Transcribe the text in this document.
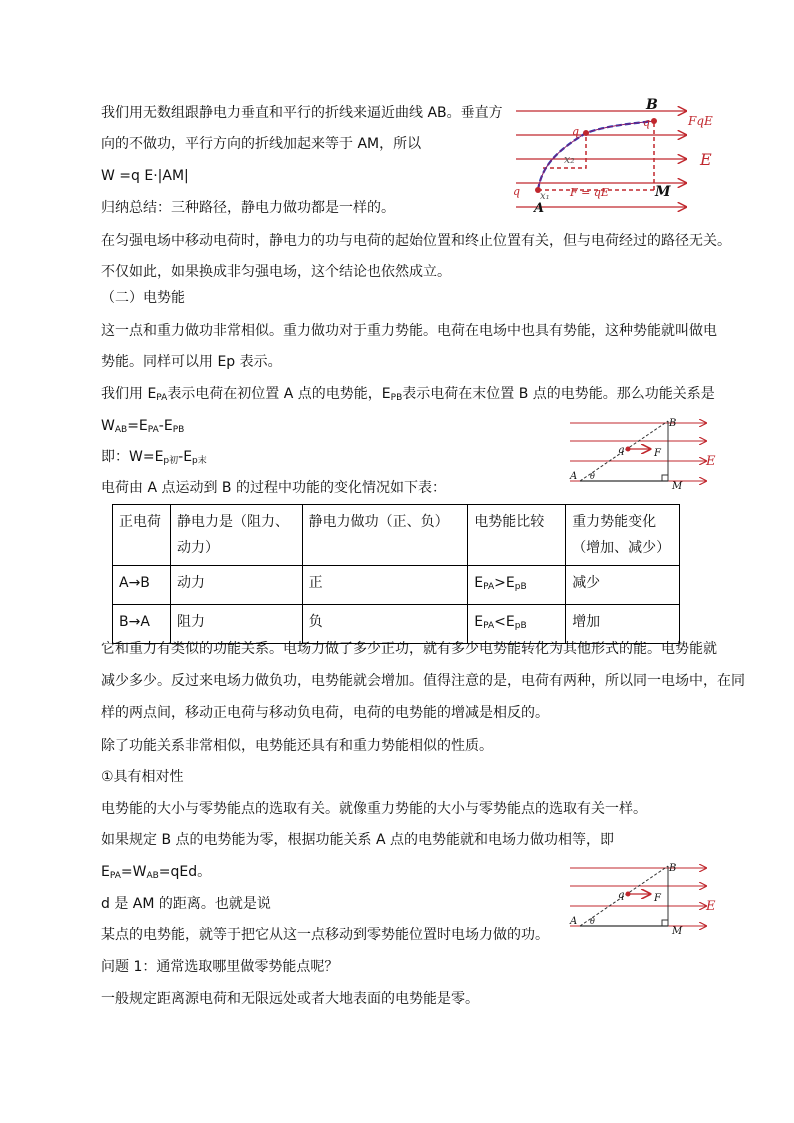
我们用无数组跟静电力垂直和平行的折线来逼近曲线 AB。垂直方
向的不做功，平行方向的折线加起来等于 AM，所以
W =q E·|AM|
归纳总结：三种路径，静电力做功都是一样的。
在匀强电场中移动电荷时，静电力的功与电荷的起始位置和终止位置有关，但与电荷经过的路径无关。
不仅如此，如果换成非匀强电场，这个结论也依然成立。
（二）电势能
这一点和重力做功非常相似。重力做功对于重力势能。电荷在电场中也具有势能，这种势能就叫做电
势能。同样可以用 Ep 表示。
我们用 $E_{PA}$表示电荷在初位置 A 点的电势能，$E_{PB}$表示电荷在末位置 B 点的电势能。那么功能关系是
$W_{AB}=E_{PA}-E_{PB}$
即：$W=E_{p初}-E_{p末}$
电荷由 A 点运动到 B 的过程中功能的变化情况如下表：
正电荷	静电力是（阻力、动力）	静电力做功（正、负）	电势能比较	重力势能变化（增加、减少）
A→B	动力	正	$E_{PA}>E_{pB}$	减少
B→A	阻力	负	$E_{PA}<E_{pB}$	增加
它和重力有类似的功能关系。电场力做了多少正功，就有多少电势能转化为其他形式的能。电势能就
减少多少。反过来电场力做负功，电势能就会增加。值得注意的是，电荷有两种，所以同一电场中，在同
样的两点间，移动正电荷与移动负电荷，电荷的电势能的增减是相反的。
除了功能关系非常相似，电势能还具有和重力势能相似的性质。
①具有相对性
电势能的大小与零势能点的选取有关。就像重力势能的大小与零势能点的选取有关一样。
如果规定 B 点的电势能为零，根据功能关系 A 点的电势能就和电场力做功相等，即
$E_{PA}=W_{AB}=qEd$。
d 是 AM 的距离。也就是说
某点的电势能，就等于把它从这一点移动到零势能位置时电场力做的功。
问题 1：通常选取哪里做零势能点呢？
一般规定距离源电荷和无限远处或者大地表面的电势能是零。
B
FqE
q
q
x₂	E
q x₁ F = qE
A
M
B
q	F
E
A θ
M
B
q	F
E
A θ
M
